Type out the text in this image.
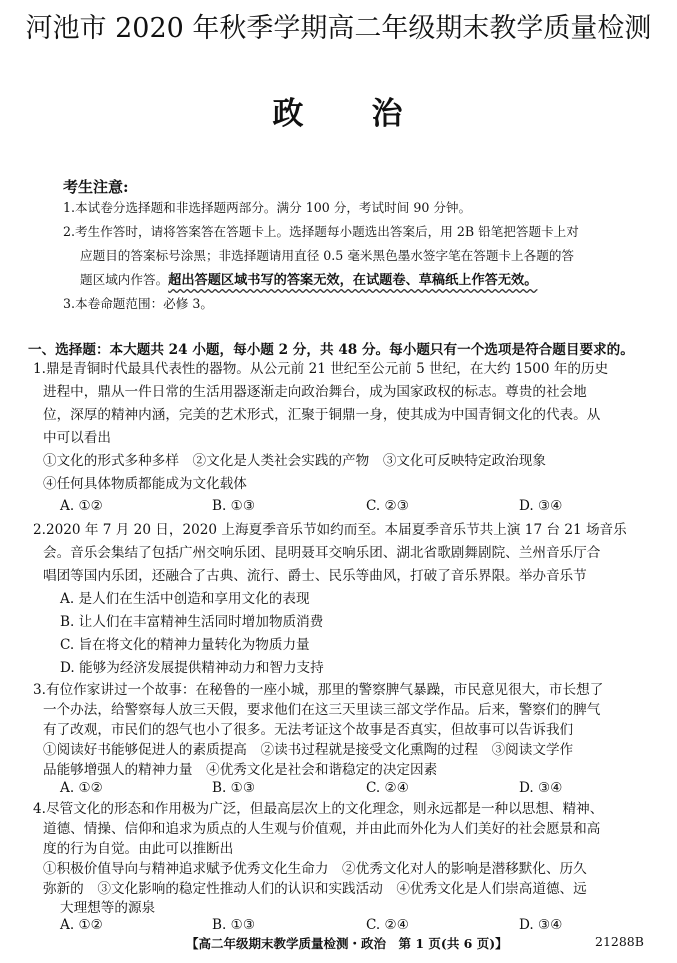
河池市 2020 年秋季学期高二年级期末教学质量检测
政　　治
考生注意:
1.本试卷分选择题和非选择题两部分。满分 100 分，考试时间 90 分钟。
2.考生作答时，请将答案答在答题卡上。选择题每小题选出答案后，用 2B 铅笔把答题卡上对
应题目的答案标号涂黑；非选择题请用直径 0.5 毫米黑色墨水签字笔在答题卡上各题的答
题区域内作答。超出答题区域书写的答案无效，在试题卷、草稿纸上作答无效。
3.本卷命题范围：必修 3。
一、选择题：本大题共 24 小题，每小题 2 分，共 48 分。每小题只有一个选项是符合题目要求的。
1.鼎是青铜时代最具代表性的器物。从公元前 21 世纪至公元前 5 世纪，在大约 1500 年的历史
进程中，鼎从一件日常的生活用器逐渐走向政治舞台，成为国家政权的标志。尊贵的社会地
位，深厚的精神内涵，完美的艺术形式，汇聚于铜鼎一身，使其成为中国青铜文化的代表。从
中可以看出
①文化的形式多种多样　②文化是人类社会实践的产物　③文化可反映特定政治现象
④任何具体物质都能成为文化载体
A. ①②	B. ①③	C. ②③	D. ③④
2.2020 年 7 月 20 日，2020 上海夏季音乐节如约而至。本届夏季音乐节共上演 17 台 21 场音乐
会。音乐会集结了包括广州交响乐团、昆明聂耳交响乐团、湖北省歌剧舞剧院、兰州音乐厅合
唱团等国内乐团，还融合了古典、流行、爵士、民乐等曲风，打破了音乐界限。举办音乐节
A. 是人们在生活中创造和享用文化的表现
B. 让人们在丰富精神生活同时增加物质消费
C. 旨在将文化的精神力量转化为物质力量
D. 能够为经济发展提供精神动力和智力支持
3.有位作家讲过一个故事：在秘鲁的一座小城，那里的警察脾气暴躁，市民意见很大，市长想了
一个办法，给警察每人放三天假，要求他们在这三天里读三部文学作品。后来，警察们的脾气
有了改观，市民们的怨气也小了很多。无法考证这个故事是否真实，但故事可以告诉我们
①阅读好书能够促进人的素质提高　②读书过程就是接受文化熏陶的过程　③阅读文学作
品能够增强人的精神力量　④优秀文化是社会和谐稳定的决定因素
A. ①②	B. ①③	C. ②④	D. ③④
4.尽管文化的形态和作用极为广泛，但最高层次上的文化理念，则永远都是一种以思想、精神、
道德、情操、信仰和追求为质点的人生观与价值观，并由此而外化为人们美好的社会愿景和高
度的行为自觉。由此可以推断出
①积极价值导向与精神追求赋予优秀文化生命力　②优秀文化对人的影响是潜移默化、历久
【高二年级期末教学质量检测・政治　第 1 页(共 6 页)】	21288B
弥新的　③文化影响的稳定性推动人们的认识和实践活动　④优秀文化是人们崇高道德、远
大理想等的源泉
A. ①②	B. ①③	C. ②④	D. ③④
